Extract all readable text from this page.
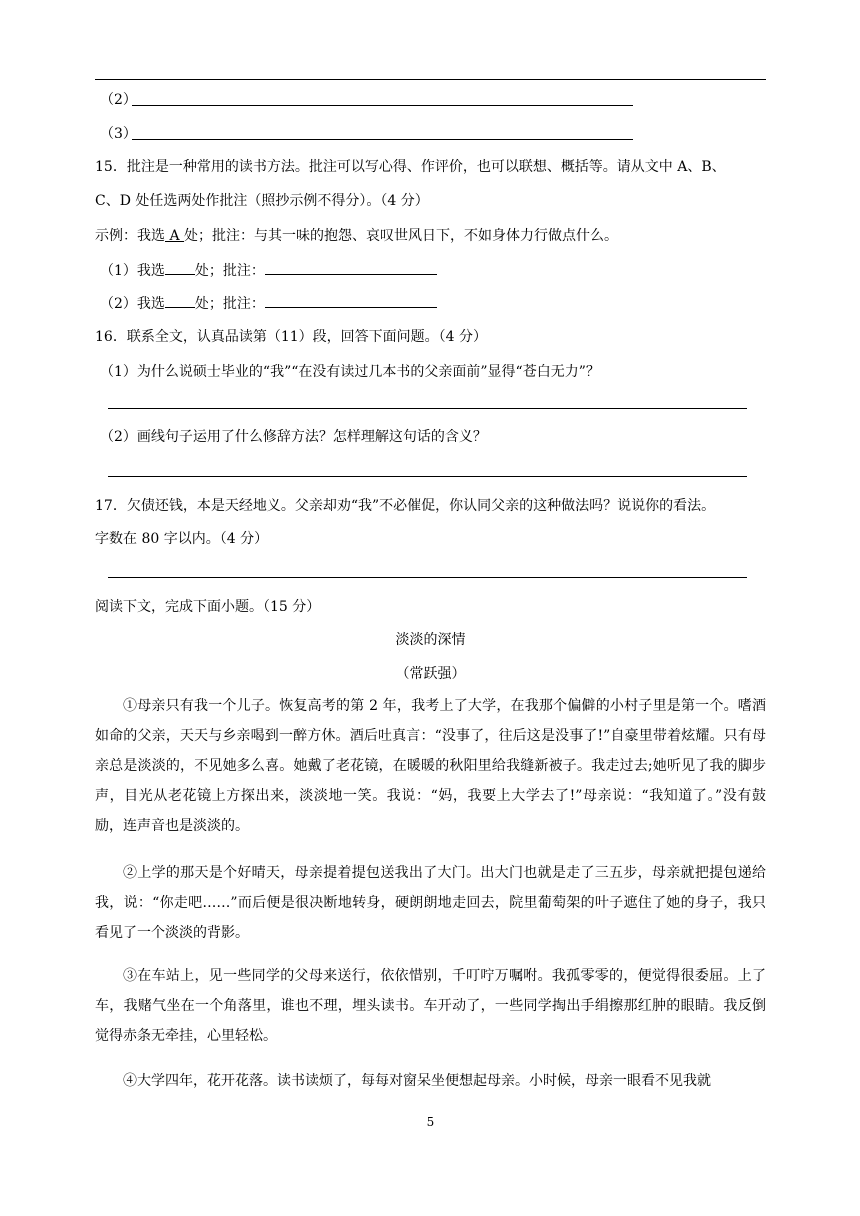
（2）
（3）
15．批注是一种常用的读书方法。批注可以写心得、作评价，也可以联想、概括等。请从文中 A、B、
C、D 处任选两处作批注（照抄示例不得分）。（4 分）
示例：我选 A 处；批注：与其一味的抱怨、哀叹世风日下，不如身体力行做点什么。
（1）我选 处；批注：
（2）我选 处；批注：
16．联系全文，认真品读第（11）段，回答下面问题。（4 分）
（1）为什么说硕士毕业的“我”“在没有读过几本书的父亲面前”显得“苍白无力”？
（2）画线句子运用了什么修辞方法？怎样理解这句话的含义？
17．欠债还钱，本是天经地义。父亲却劝“我”不必催促，你认同父亲的这种做法吗？说说你的看法。
字数在 80 字以内。（4 分）
阅读下文，完成下面小题。（15 分）
淡淡的深情
（常跃强）
①母亲只有我一个儿子。恢复高考的第 2 年，我考上了大学，在我那个偏僻的小村子里是第一个。嗜酒如命的父亲，天天与乡亲喝到一醉方休。酒后吐真言：“没事了，往后这是没事了!”自豪里带着炫耀。只有母亲总是淡淡的，不见她多么喜。她戴了老花镜，在暖暖的秋阳里给我缝新被子。我走过去;她听见了我的脚步声，目光从老花镜上方探出来，淡淡地一笑。我说：“妈，我要上大学去了!”母亲说：“我知道了。”没有鼓励，连声音也是淡淡的。
②上学的那天是个好晴天，母亲提着提包送我出了大门。出大门也就是走了三五步，母亲就把提包递给我，说：“你走吧……”而后便是很决断地转身，硬朗朗地走回去，院里葡萄架的叶子遮住了她的身子，我只看见了一个淡淡的背影。
③在车站上，见一些同学的父母来送行，依依惜别，千叮咛万嘱咐。我孤零零的，便觉得很委屈。上了车，我赌气坐在一个角落里，谁也不理，埋头读书。车开动了，一些同学掏出手绢擦那红肿的眼睛。我反倒觉得赤条无牵挂，心里轻松。
④大学四年，花开花落。读书读烦了，每每对窗呆坐便想起母亲。小时候，母亲一眼看不见我就
5
